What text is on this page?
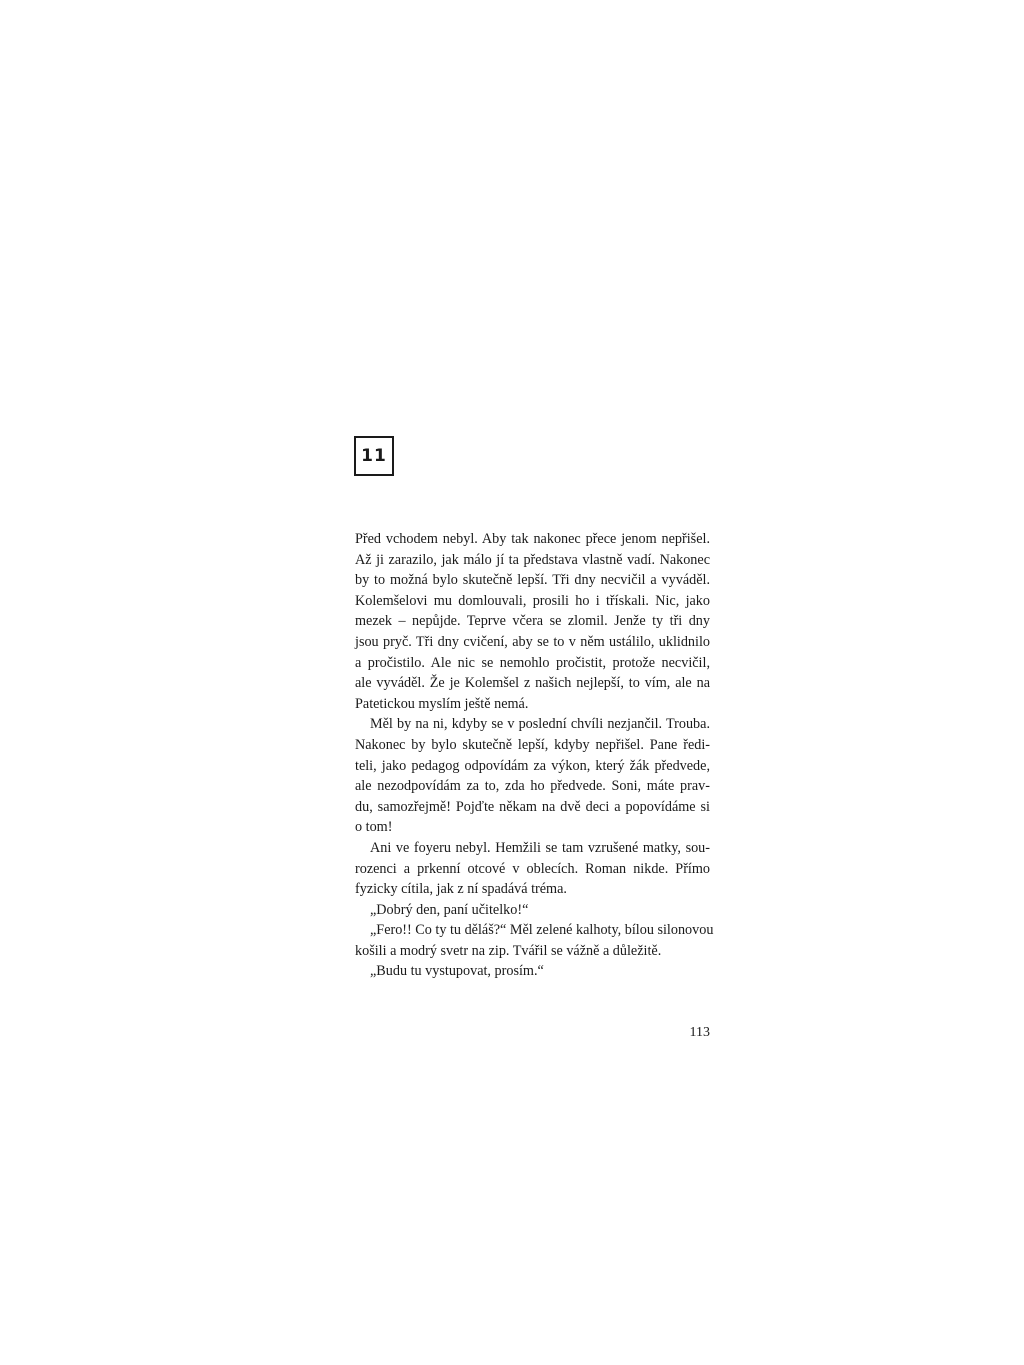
11
Před vchodem nebyl. Aby tak nakonec přece jenom nepřišel.
Až ji zarazilo, jak málo jí ta představa vlastně vadí. Nakonec
by to možná bylo skutečně lepší. Tři dny necvičil a vyváděl.
Kolemšelovi mu domlouvali, prosili ho i třískali. Nic, jako
mezek – nepůjde. Teprve včera se zlomil. Jenže ty tři dny
jsou pryč. Tři dny cvičení, aby se to v něm ustálilo, uklidnilo
a pročistilo. Ale nic se nemohlo pročistit, protože necvičil,
ale vyváděl. Že je Kolemšel z našich nejlepší, to vím, ale na
Patetickou myslím ještě nemá.
Měl by na ni, kdyby se v poslední chvíli nezjančil. Trouba.
Nakonec by bylo skutečně lepší, kdyby nepřišel. Pane ředi-
teli, jako pedagog odpovídám za výkon, který žák předvede,
ale nezodpovídám za to, zda ho předvede. Soni, máte prav-
du, samozřejmě! Pojďte někam na dvě deci a popovídáme si
o tom!
Ani ve foyeru nebyl. Hemžili se tam vzrušené matky, sou-
rozenci a prkenní otcové v oblecích. Roman nikde. Přímo
fyzicky cítila, jak z ní spadává tréma.
„Dobrý den, paní učitelko!“
„Fero!! Co ty tu děláš?“ Měl zelené kalhoty, bílou silonovou
košili a modrý svetr na zip. Tvářil se vážně a důležitě.
„Budu tu vystupovat, prosím.“
113
